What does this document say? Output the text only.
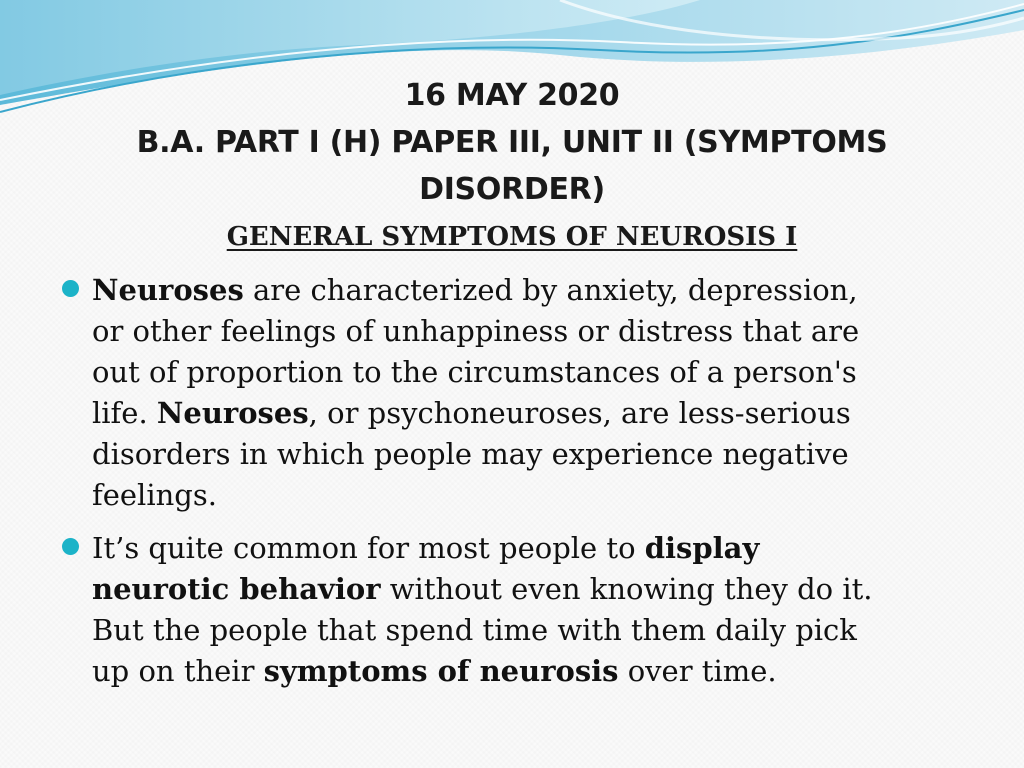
16 MAY 2020
B.A. PART I (H) PAPER III, UNIT II (SYMPTOMS
DISORDER)
GENERAL SYMPTOMS OF NEUROSIS I
Neuroses are characterized by anxiety, depression,
or other feelings of unhappiness or distress that are
out of proportion to the circumstances of a person's
life. Neuroses, or psychoneuroses, are less-serious
disorders in which people may experience negative
feelings.
It’s quite common for most people to display
neurotic behavior without even knowing they do it.
But the people that spend time with them daily pick
up on their symptoms of neurosis over time.
